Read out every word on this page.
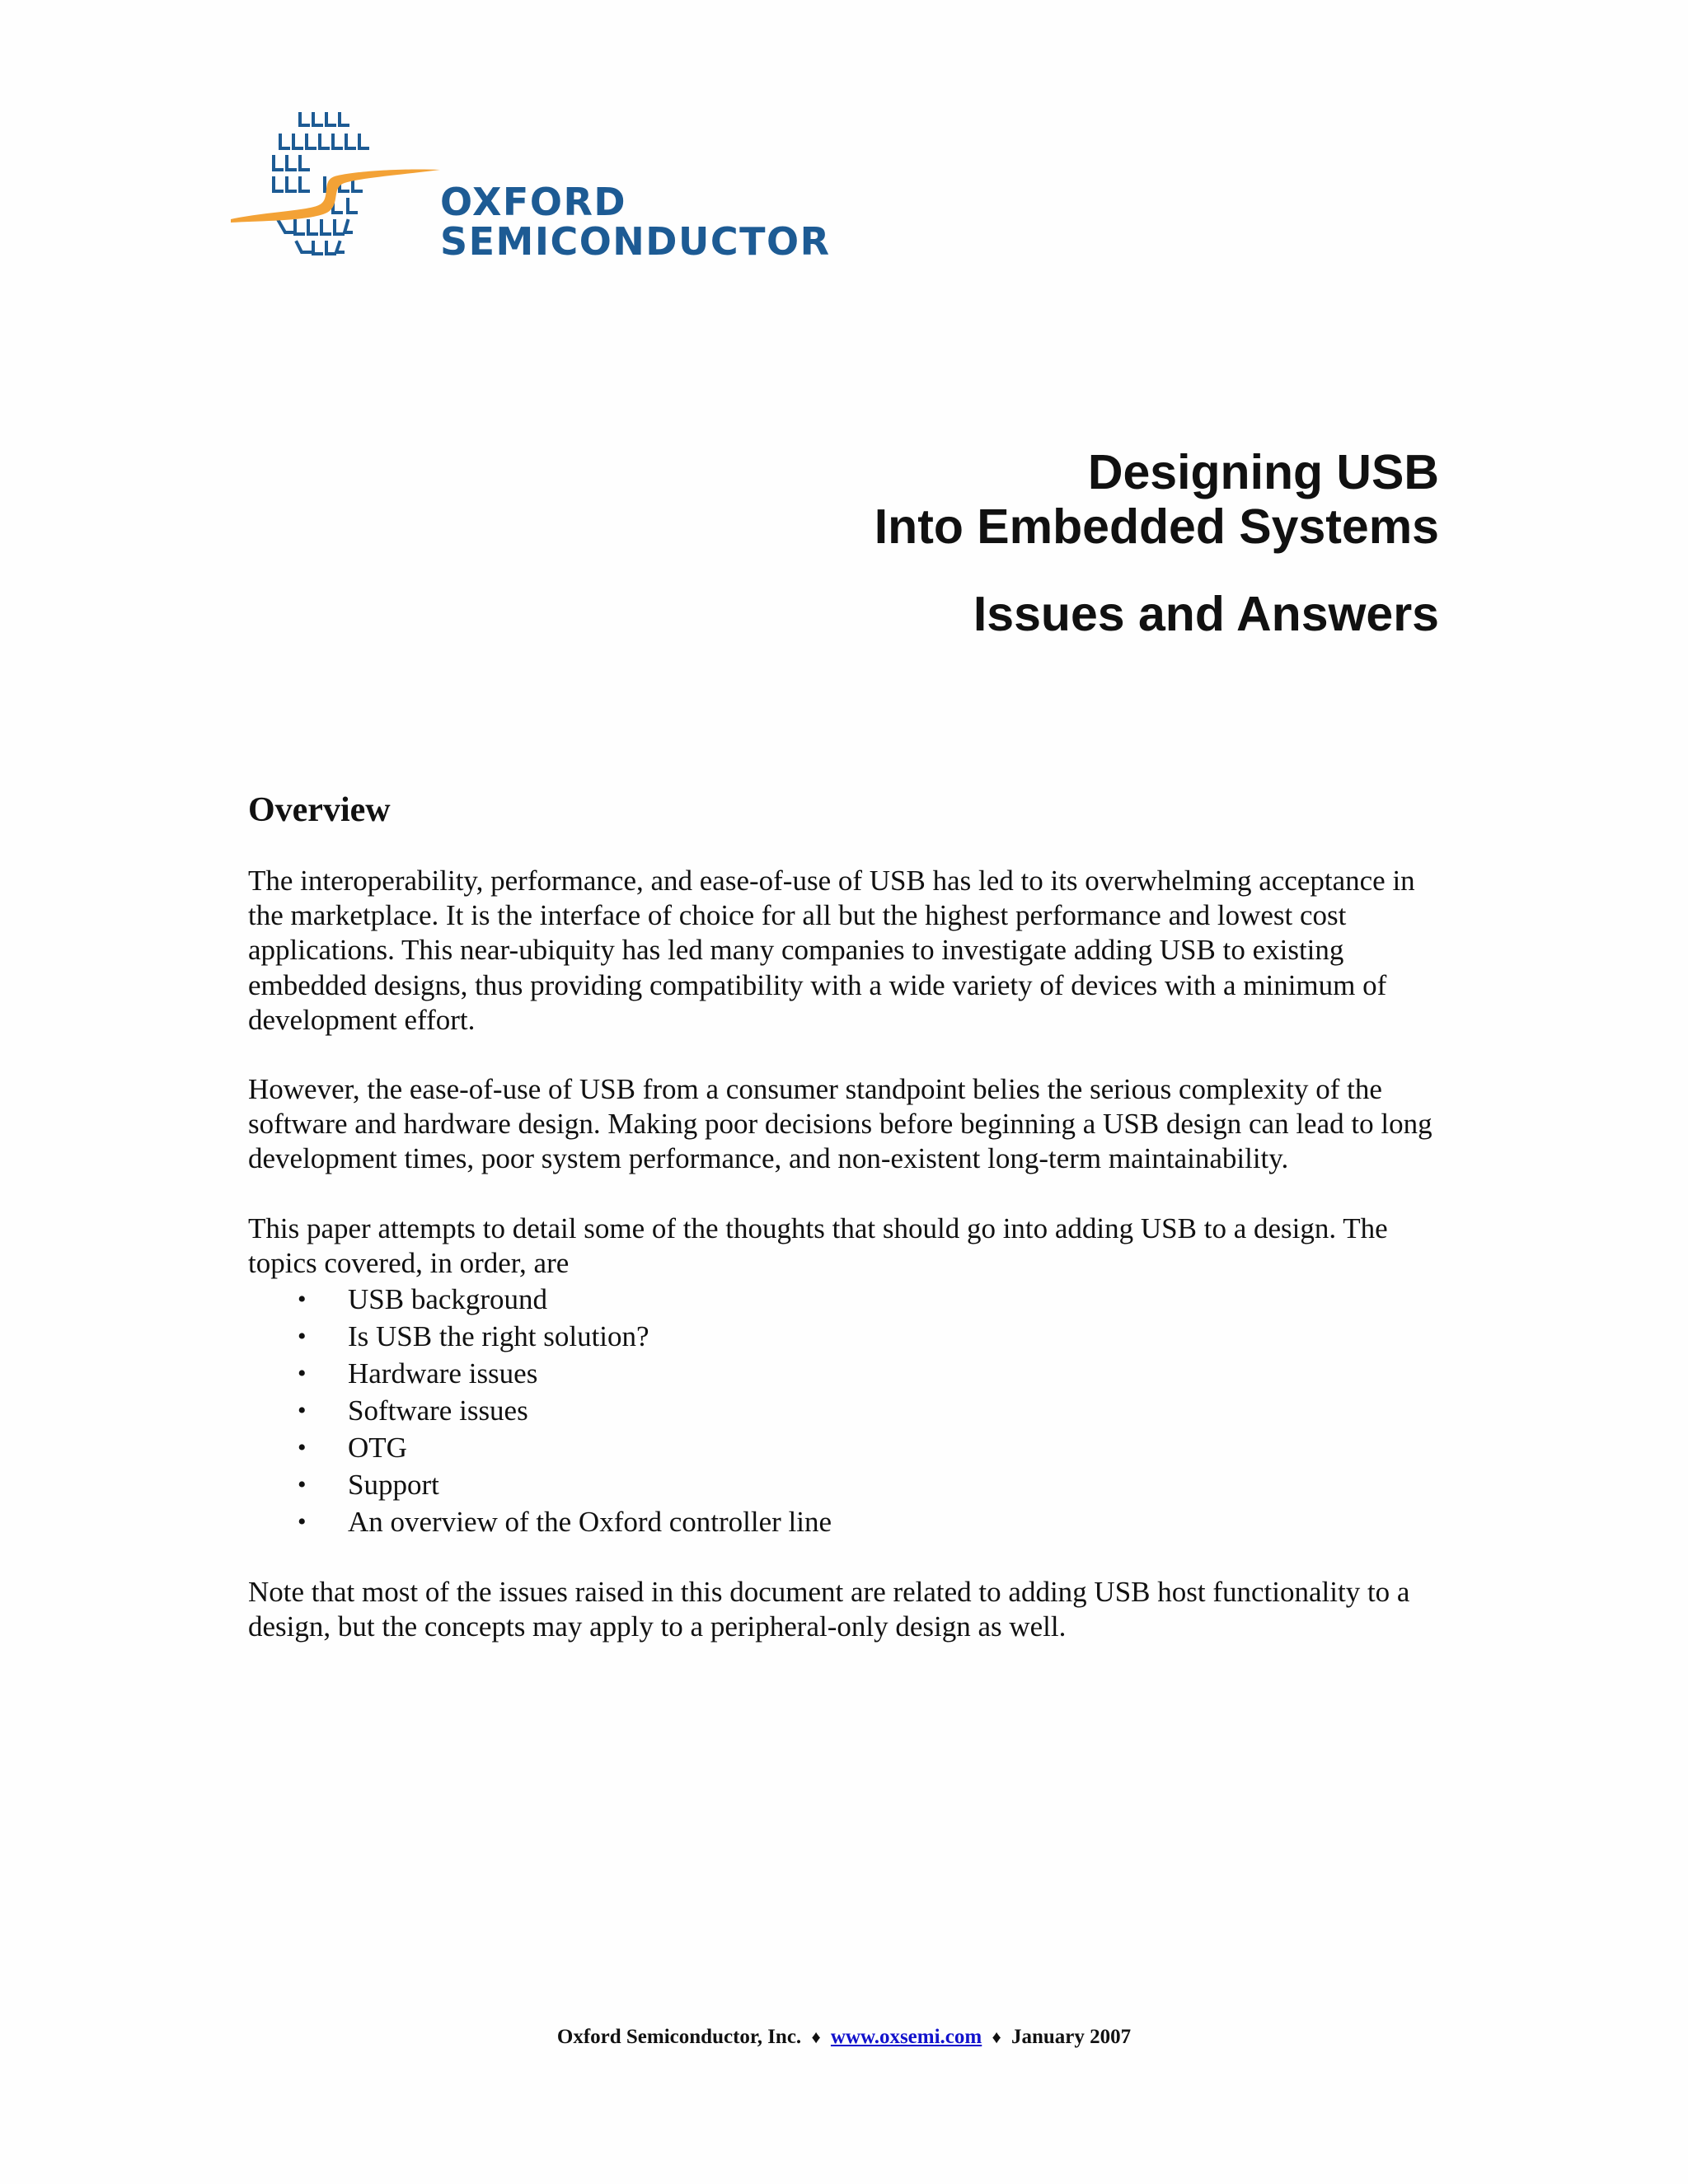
OXFORD
SEMICONDUCTOR
Designing USB
Into Embedded Systems
Issues and Answers
Overview

The interoperability, performance, and ease-of-use of USB has led to its overwhelming acceptance in the marketplace. It is the interface of choice for all but the highest performance and lowest cost applications. This near-ubiquity has led many companies to investigate adding USB to existing embedded designs, thus providing compatibility with a wide variety of devices with a minimum of development effort.

However, the ease-of-use of USB from a consumer standpoint belies the serious complexity of the software and hardware design. Making poor decisions before beginning a USB design can lead to long development times, poor system performance, and non-existent long-term maintainability.

This paper attempts to detail some of the thoughts that should go into adding USB to a design. The topics covered, in order, are

• USB background
• Is USB the right solution?
• Hardware issues
• Software issues
• OTG
• Support
• An overview of the Oxford controller line

Note that most of the issues raised in this document are related to adding USB host functionality to a design, but the concepts may apply to a peripheral-only design as well.

Oxford Semiconductor, Inc. ♦ www.oxsemi.com ♦ January 2007
